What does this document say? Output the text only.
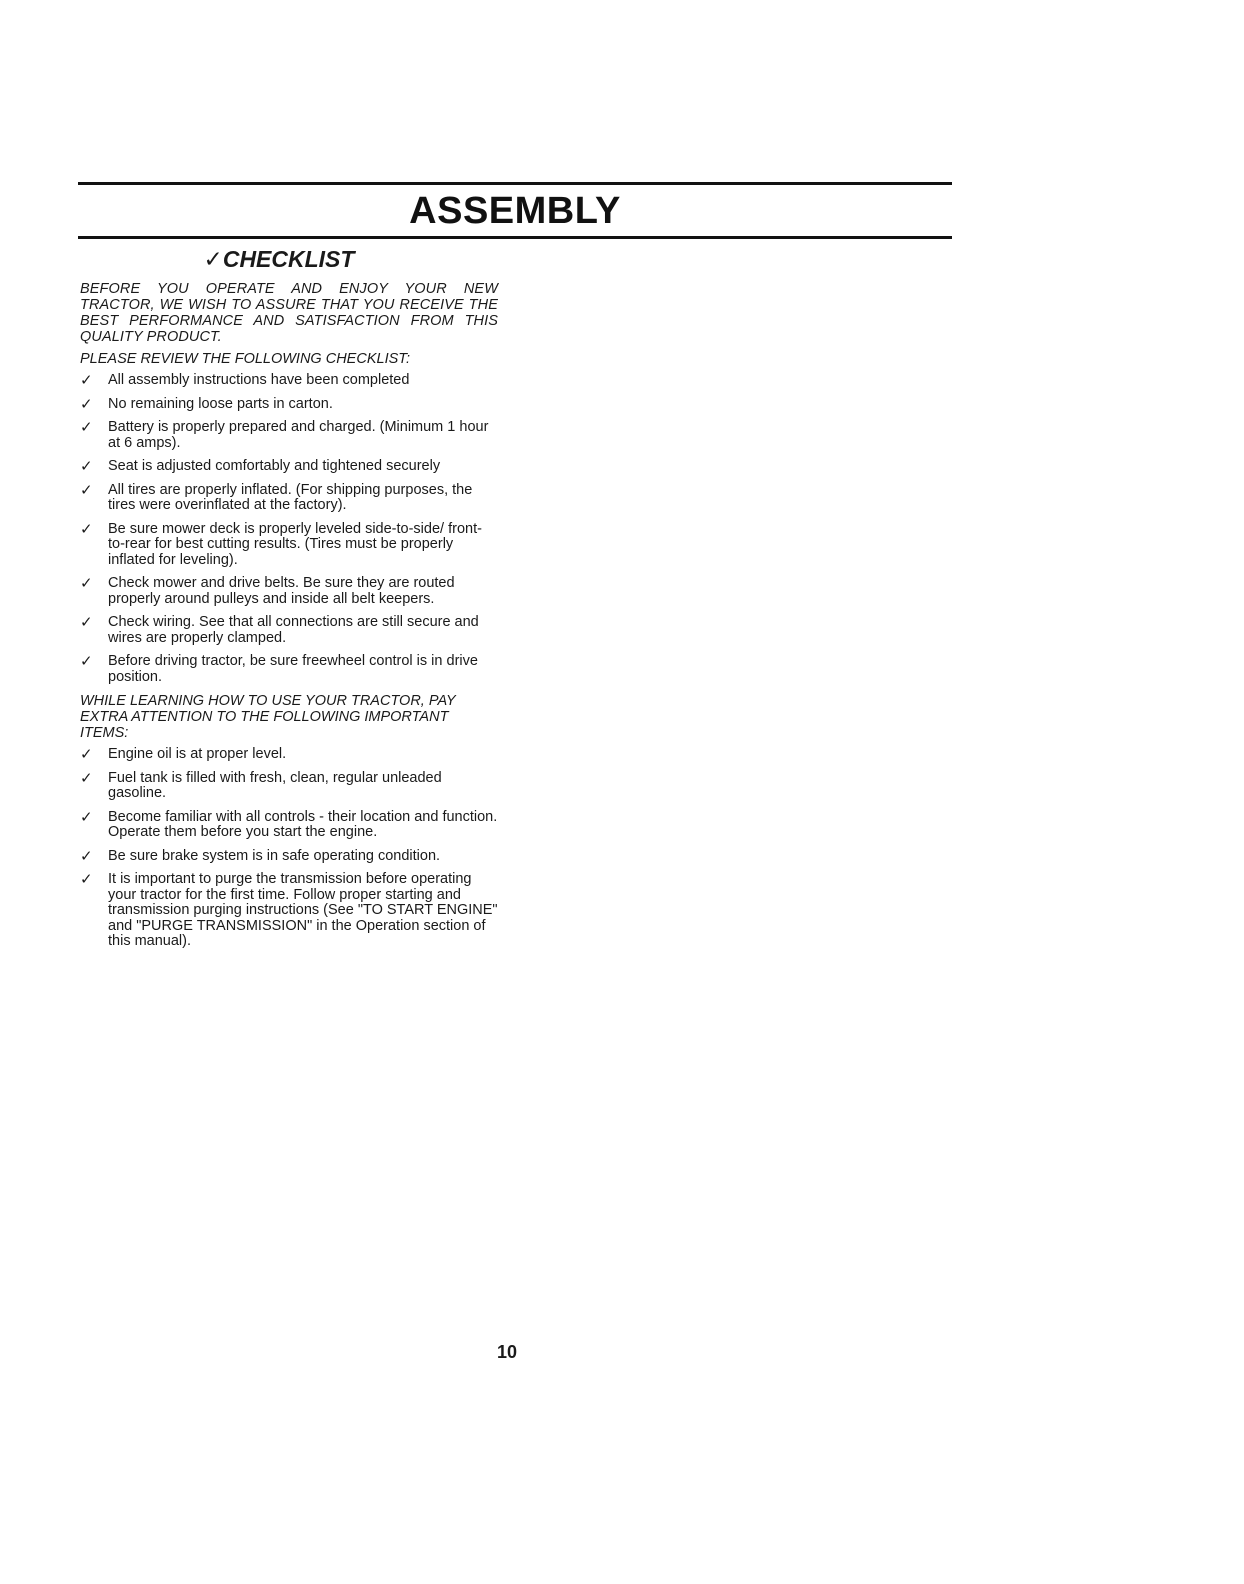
ASSEMBLY
✓CHECKLIST

BEFORE YOU OPERATE AND ENJOY YOUR NEW TRACTOR, WE WISH TO ASSURE THAT YOU RECEIVE THE BEST PERFORMANCE AND SATISFACTION FROM THIS QUALITY PRODUCT.

PLEASE REVIEW THE FOLLOWING CHECKLIST:

✓	All assembly instructions have been completed
✓	No remaining loose parts in carton.
✓	Battery is properly prepared and charged. (Minimum 1 hour at 6 amps).
✓	Seat is adjusted comfortably and tightened securely
✓	All tires are properly inflated. (For shipping purposes, the tires were overinflated at the factory).
✓	Be sure mower deck is properly leveled side-to-side/ front-to-rear for best cutting results. (Tires must be properly inflated for leveling).
✓	Check mower and drive belts. Be sure they are routed properly around pulleys and inside all belt keepers.
✓	Check wiring. See that all connections are still secure and wires are properly clamped.
✓	Before driving tractor, be sure freewheel control is in drive position.

WHILE LEARNING HOW TO USE YOUR TRACTOR, PAY EXTRA ATTENTION TO THE FOLLOWING IMPORTANT ITEMS:

✓	Engine oil is at proper level.
✓	Fuel tank is filled with fresh, clean, regular unleaded gasoline.
✓	Become familiar with all controls - their location and function. Operate them before you start the engine.
✓	Be sure brake system is in safe operating condition.
✓	It is important to purge the transmission before operating your tractor for the first time. Follow proper starting and transmission purging instructions (See "TO START ENGINE" and "PURGE TRANSMISSION" in the Operation section of this manual).
10
